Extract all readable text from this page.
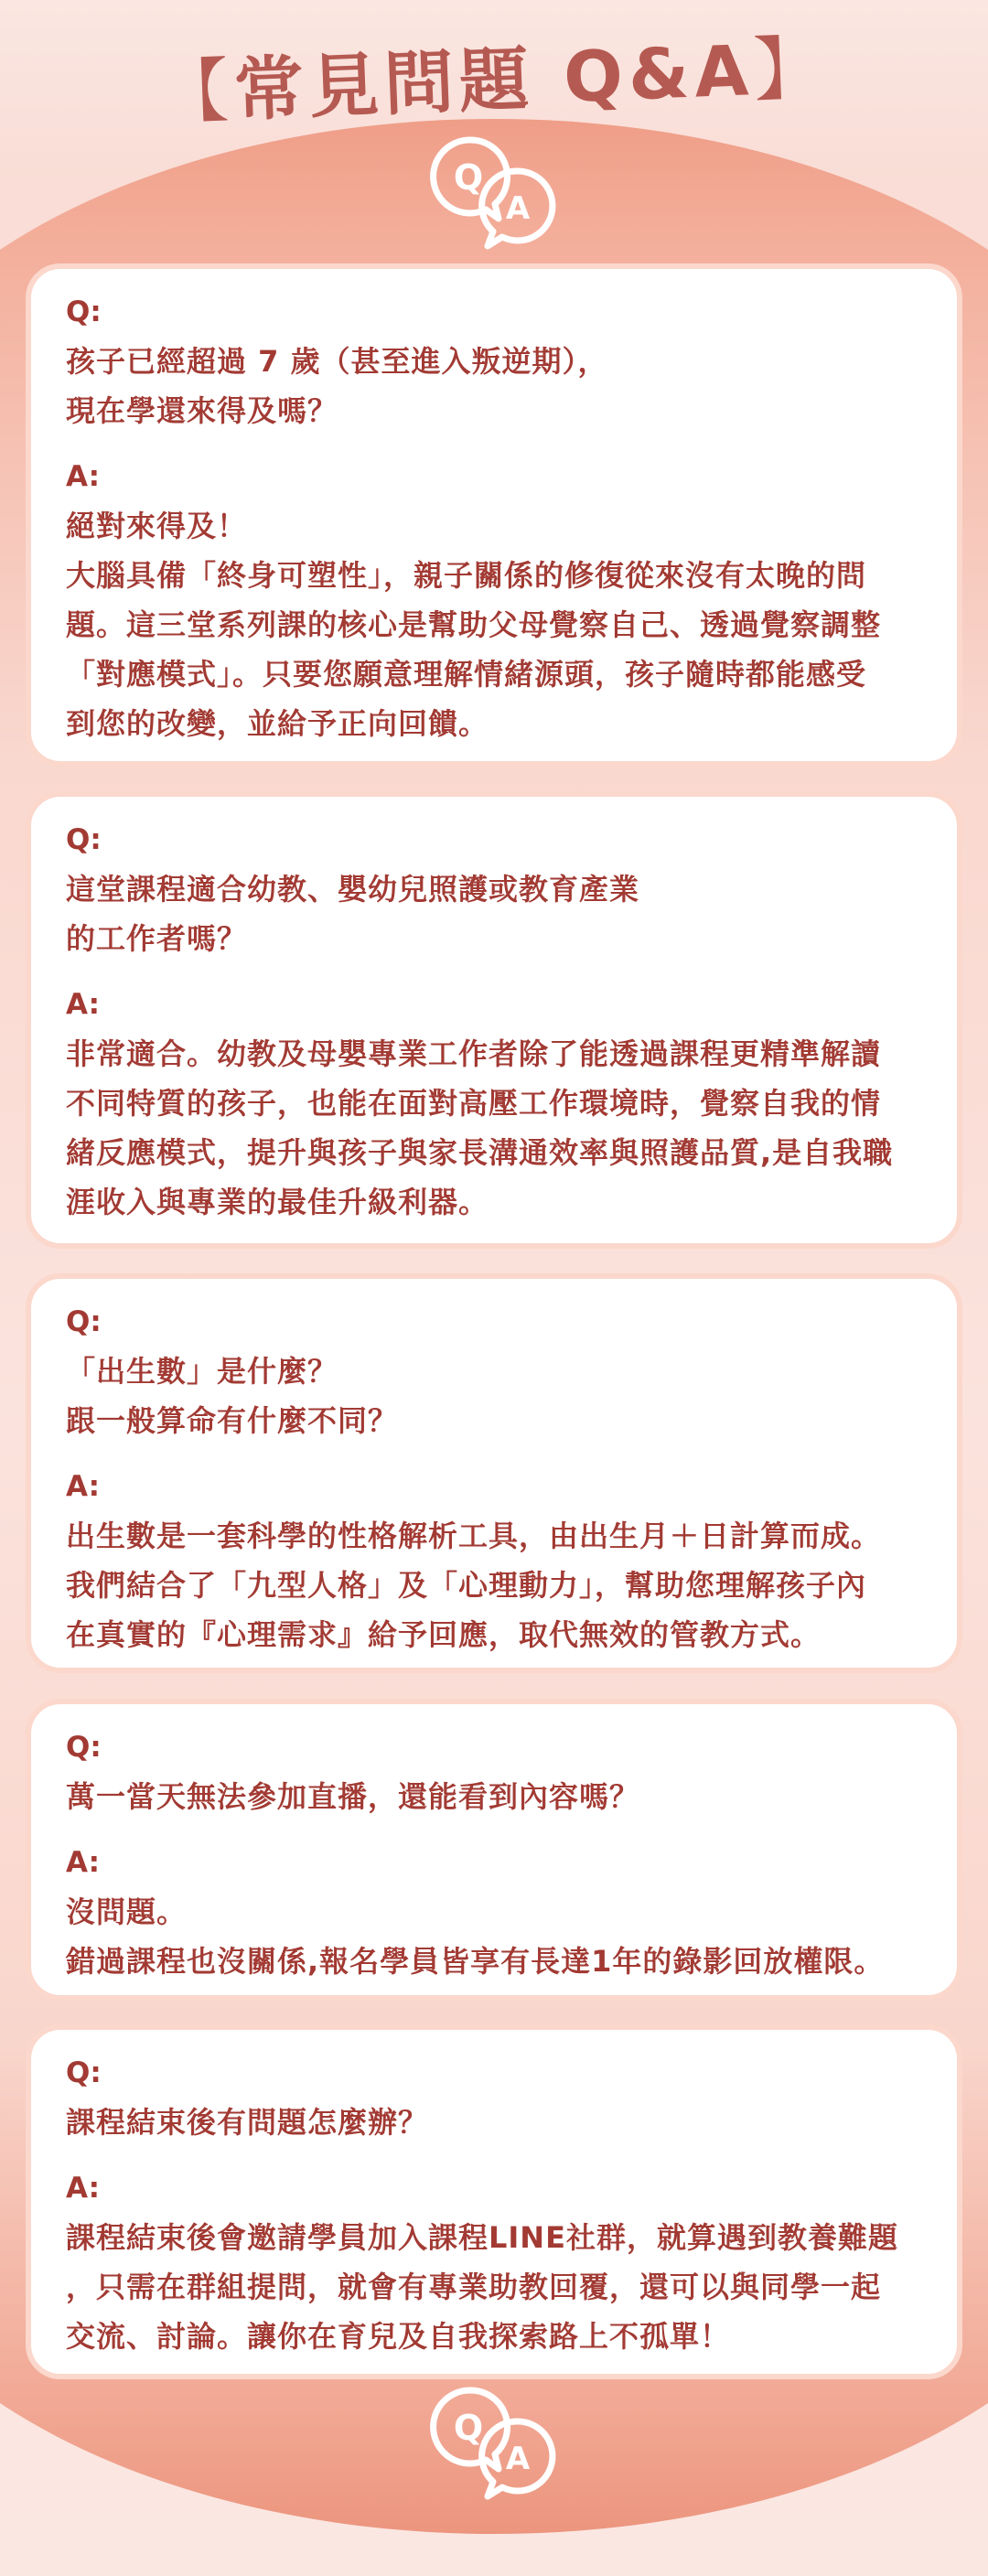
【常見問題 Q&A】
Q
A
Q:
孩子已經超過 7 歲（甚至進入叛逆期），
現在學還來得及嗎？
A:
絕對來得及！
大腦具備「終身可塑性」，親子關係的修復從來沒有太晚的問
題。這三堂系列課的核心是幫助父母覺察自己、透過覺察調整
「對應模式」。只要您願意理解情緒源頭，孩子隨時都能感受
到您的改變，並給予正向回饋。
Q:
這堂課程適合幼教、嬰幼兒照護或教育產業
的工作者嗎？
A:
非常適合。幼教及母嬰專業工作者除了能透過課程更精準解讀
不同特質的孩子，也能在面對高壓工作環境時，覺察自我的情
緒反應模式，提升與孩子與家長溝通效率與照護品質,是自我職
涯收入與專業的最佳升級利器。
Q:
「出生數」是什麼？
跟一般算命有什麼不同？
A:
出生數是一套科學的性格解析工具，由出生月＋日計算而成。
我們結合了「九型人格」及「心理動力」，幫助您理解孩子內
在真實的『心理需求』給予回應，取代無效的管教方式。
Q:
萬一當天無法參加直播，還能看到內容嗎？
A:
沒問題。
錯過課程也沒關係,報名學員皆享有長達1年的錄影回放權限。
Q:
課程結束後有問題怎麼辦？
A:
課程結束後會邀請學員加入課程LINE社群，就算遇到教養難題
，只需在群組提問，就會有專業助教回覆，還可以與同學一起
交流、討論。讓你在育兒及自我探索路上不孤單！
Q
A
